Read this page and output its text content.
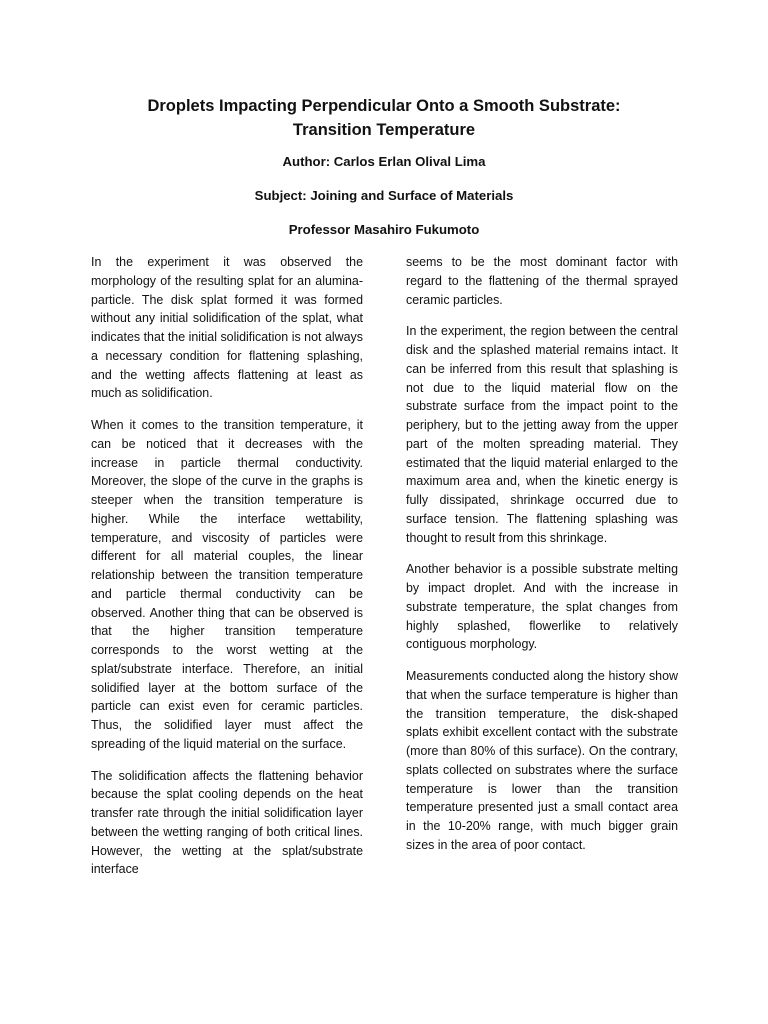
Droplets Impacting Perpendicular Onto a Smooth Substrate:
Transition Temperature

Author: Carlos Erlan Olival Lima

Subject: Joining and Surface of Materials

Professor Masahiro Fukumoto

In the experiment it was observed the morphology of the resulting splat for an alumina-particle. The disk splat formed it was formed without any initial solidification of the splat, what indicates that the initial solidification is not always a necessary condition for flattening splashing, and the wetting affects flattening at least as much as solidification.

When it comes to the transition temperature, it can be noticed that it decreases with the increase in particle thermal conductivity. Moreover, the slope of the curve in the graphs is steeper when the transition temperature is higher. While the interface wettability, temperature, and viscosity of particles were different for all material couples, the linear relationship between the transition temperature and particle thermal conductivity can be observed. Another thing that can be observed is that the higher transition temperature corresponds to the worst wetting at the splat/substrate interface. Therefore, an initial solidified layer at the bottom surface of the particle can exist even for ceramic particles. Thus, the solidified layer must affect the spreading of the liquid material on the surface.

The solidification affects the flattening behavior because the splat cooling depends on the heat transfer rate through the initial solidification layer between the wetting ranging of both critical lines. However, the wetting at the splat/substrate interface

seems to be the most dominant factor with regard to the flattening of the thermal sprayed ceramic particles.

In the experiment, the region between the central disk and the splashed material remains intact. It can be inferred from this result that splashing is not due to the liquid material flow on the substrate surface from the impact point to the periphery, but to the jetting away from the upper part of the molten spreading material. They estimated that the liquid material enlarged to the maximum area and, when the kinetic energy is fully dissipated, shrinkage occurred due to surface tension. The flattening splashing was thought to result from this shrinkage.

Another behavior is a possible substrate melting by impact droplet. And with the increase in substrate temperature, the splat changes from highly splashed, flowerlike to relatively contiguous morphology.

Measurements conducted along the history show that when the surface temperature is higher than the transition temperature, the disk-shaped splats exhibit excellent contact with the substrate (more than 80% of this surface). On the contrary, splats collected on substrates where the surface temperature is lower than the transition temperature presented just a small contact area in the 10-20% range, with much bigger grain sizes in the area of poor contact.
